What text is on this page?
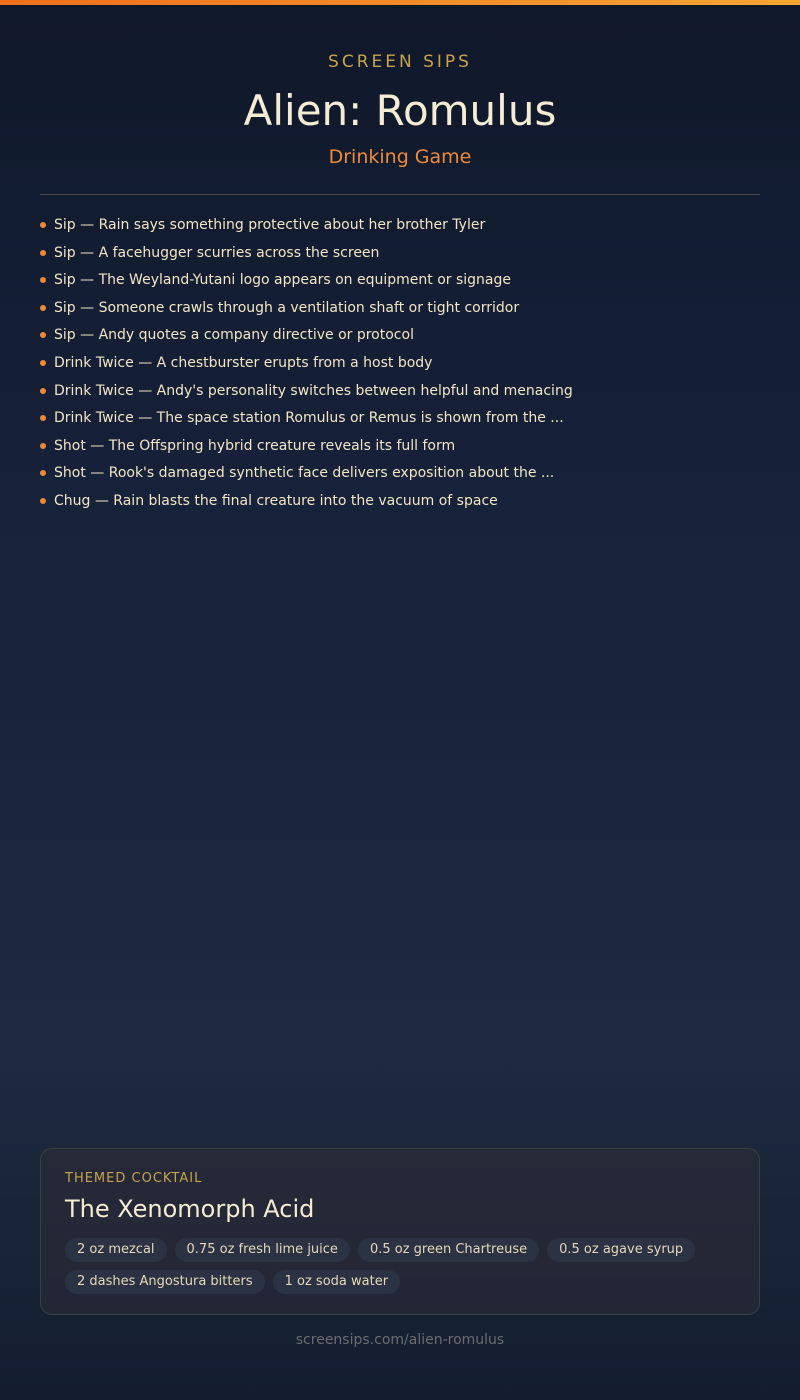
SCREEN SIPS
Alien: Romulus
Drinking Game
Sip — Rain says something protective about her brother Tyler
Sip — A facehugger scurries across the screen
Sip — The Weyland-Yutani logo appears on equipment or signage
Sip — Someone crawls through a ventilation shaft or tight corridor
Sip — Andy quotes a company directive or protocol
Drink Twice — A chestburster erupts from a host body
Drink Twice — Andy's personality switches between helpful and menacing
Drink Twice — The space station Romulus or Remus is shown from the ...
Shot — The Offspring hybrid creature reveals its full form
Shot — Rook's damaged synthetic face delivers exposition about the ...
Chug — Rain blasts the final creature into the vacuum of space
THEMED COCKTAIL
The Xenomorph Acid
2 oz mezcal	0.75 oz fresh lime juice	0.5 oz green Chartreuse	0.5 oz agave syrup
2 dashes Angostura bitters	1 oz soda water
screensips.com/alien-romulus
